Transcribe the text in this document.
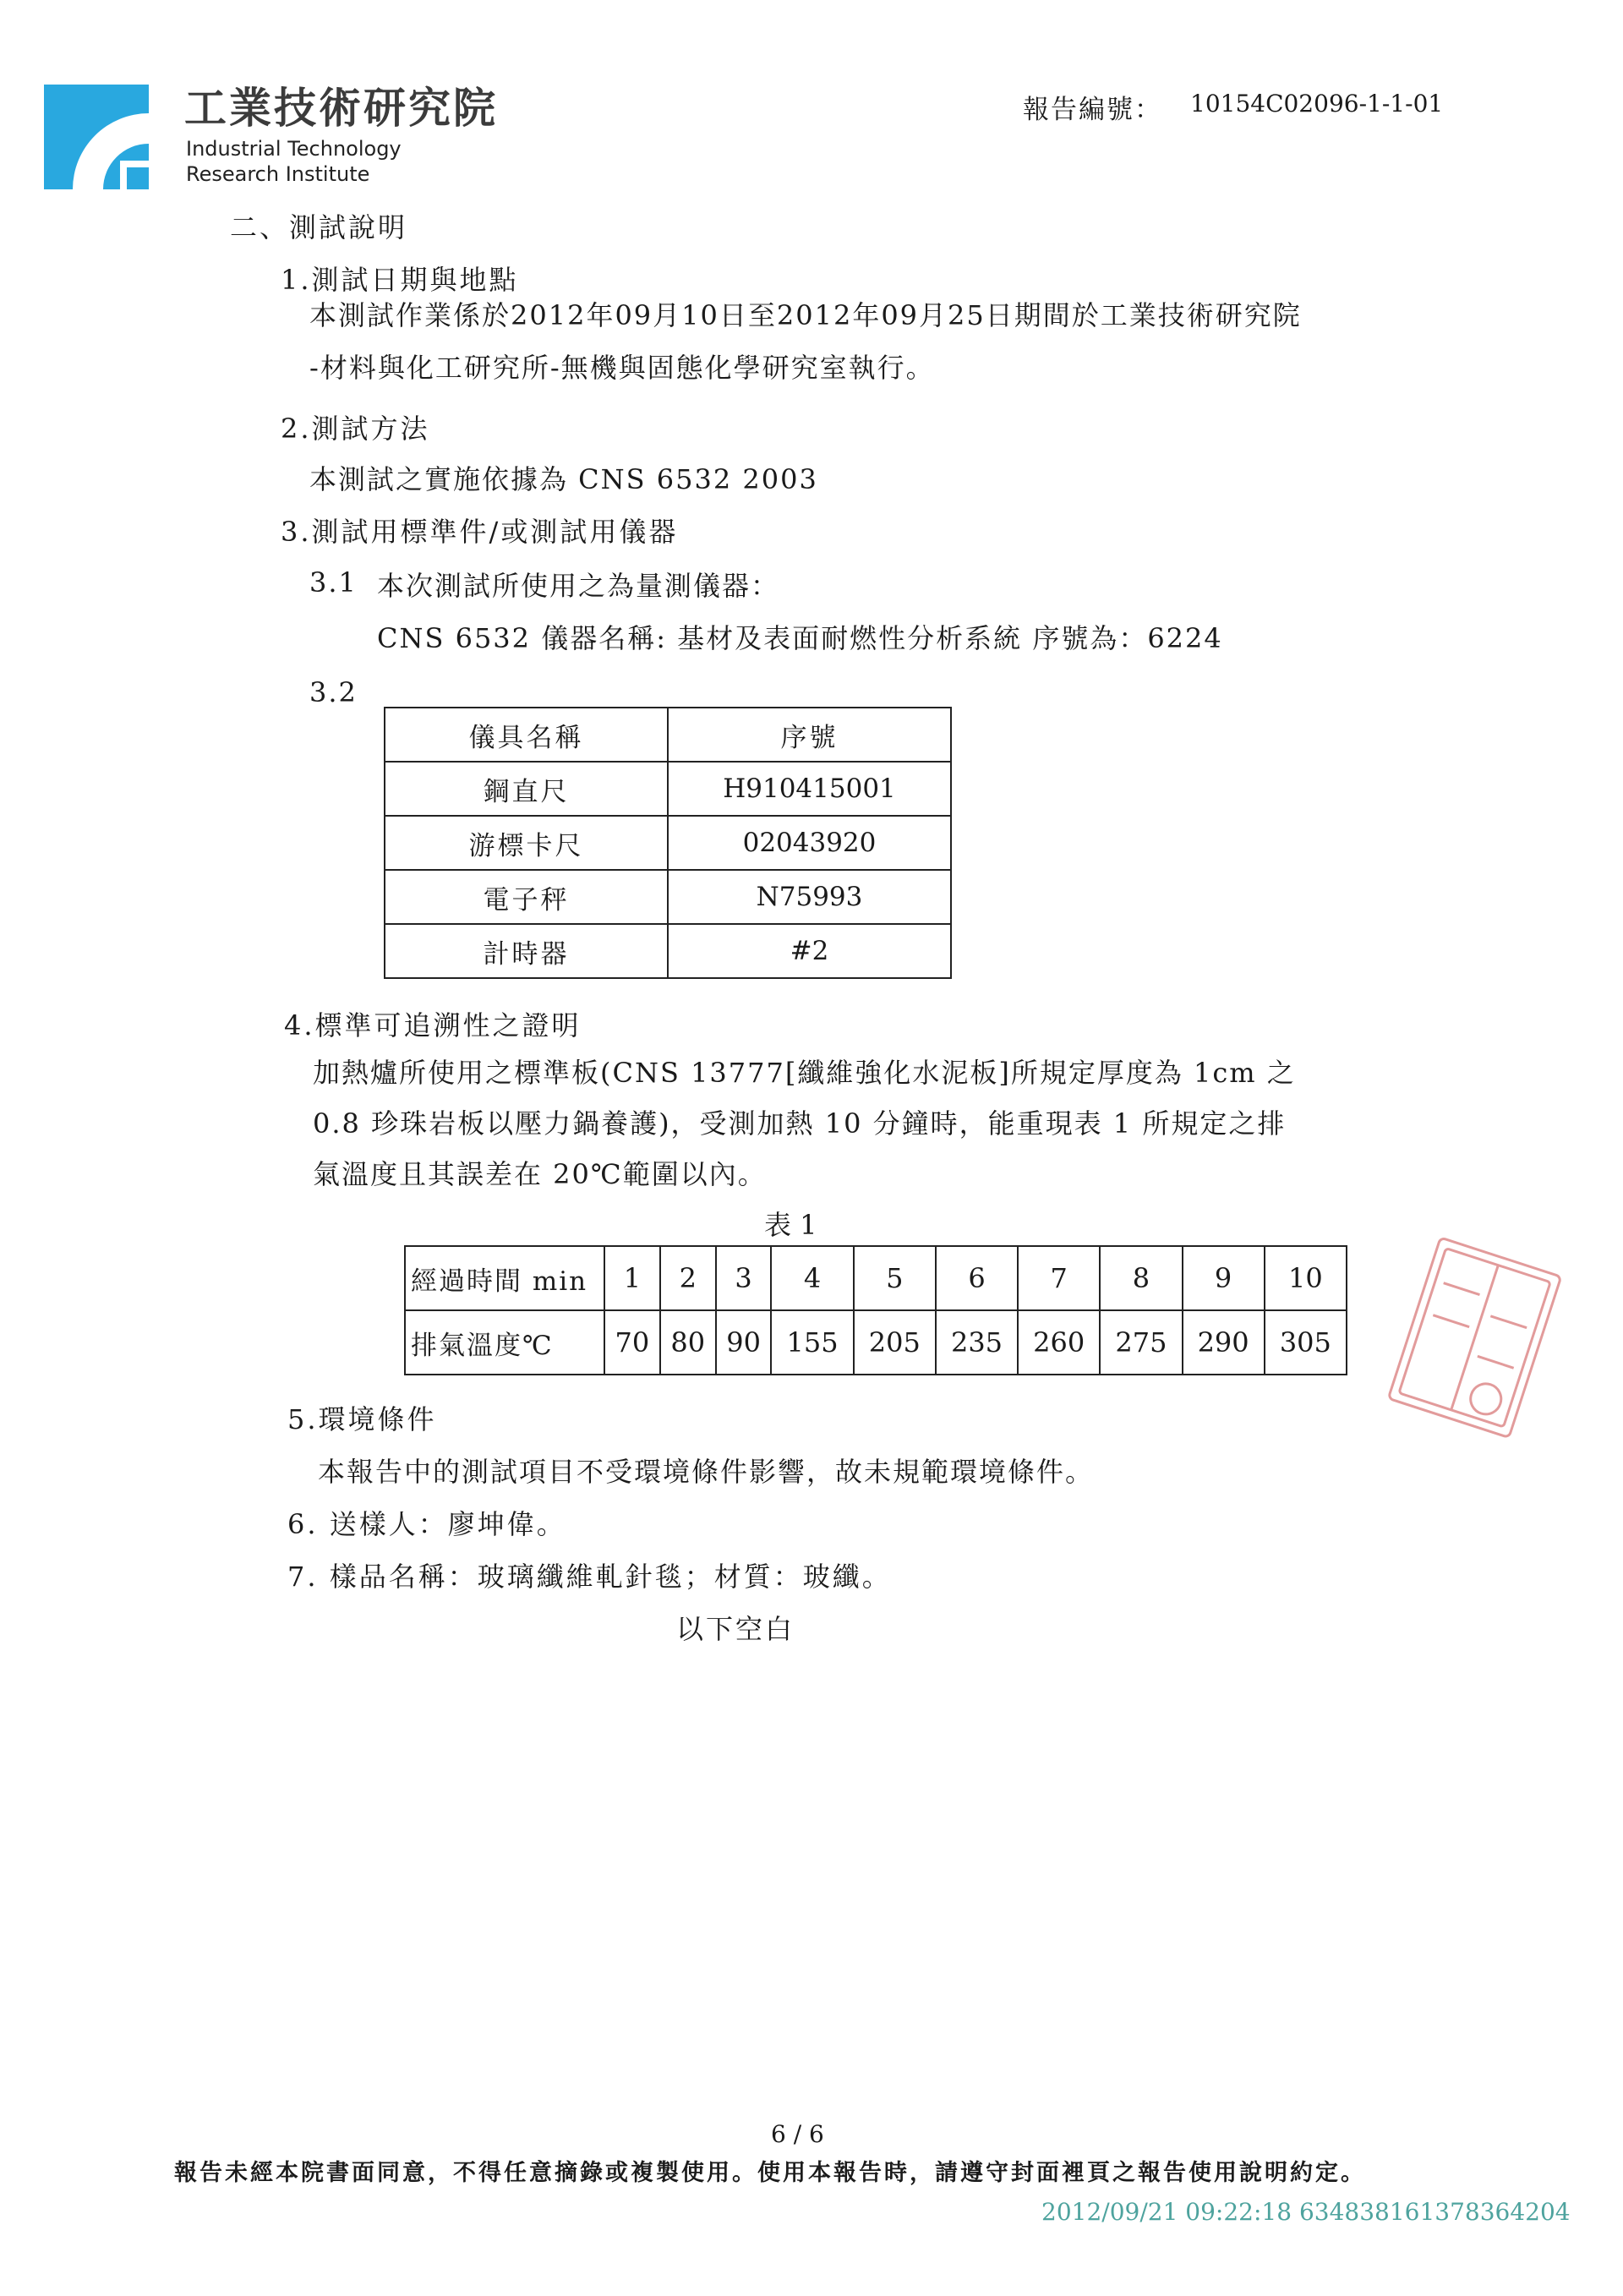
工業技術研究院
Industrial Technology
Research Institute
報告編號： 10154C02096-1-1-01
二、測試說明
1.測試日期與地點
本測試作業係於2012年09月10日至2012年09月25日期間於工業技術研究院
-材料與化工研究所-無機與固態化學研究室執行。
2.測試方法
本測試之實施依據為 CNS 6532 2003
3.測試用標準件/或測試用儀器
3.1 本次測試所使用之為量測儀器：
CNS 6532 儀器名稱: 基材及表面耐燃性分析系統 序號為：6224
3.2
儀具名稱	序號
鋼直尺	H910415001
游標卡尺	02043920
電子秤	N75993
計時器	#2
4.標準可追溯性之證明
加熱爐所使用之標準板(CNS 13777[纖維強化水泥板]所規定厚度為 1cm 之
0.8 珍珠岩板以壓力鍋養護)，受測加熱 10 分鐘時，能重現表 1 所規定之排
氣溫度且其誤差在 20℃範圍以內。
表 1
經過時間 min	1	2	3	4	5	6	7	8	9	10
排氣溫度℃	70	80	90	155	205	235	260	275	290	305
5.環境條件
本報告中的測試項目不受環境條件影響，故未規範環境條件。
6. 送樣人：廖坤偉。
7. 樣品名稱：玻璃纖維軋針毯；材質：玻纖。
以下空白
6 / 6
報告未經本院書面同意，不得任意摘錄或複製使用。使用本報告時，請遵守封面裡頁之報告使用說明約定。
2012/09/21 09:22:18 634838161378364204
